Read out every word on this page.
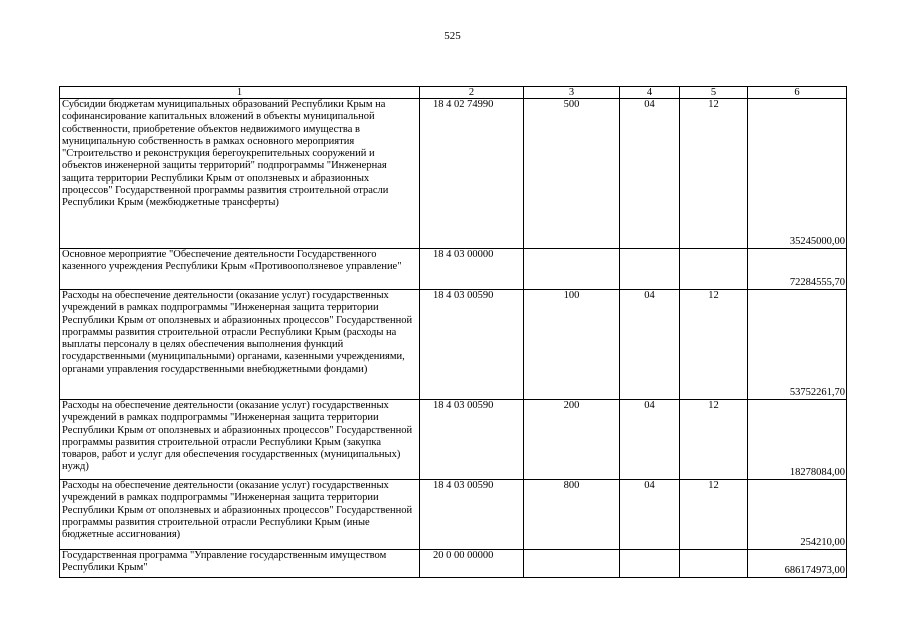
525
1	2	3	4	5	6
Субсидии бюджетам муниципальных образований Республики Крым на софинансирование капитальных вложений в объекты муниципальной собственности, приобретение объектов недвижимого имущества в муниципальную собственность в рамках основного мероприятия "Строительство и реконструкция берегоукрепительных сооружений и объектов инженерной защиты территорий" подпрограммы "Инженерная защита территории Республики Крым от оползневых и абразионных процессов" Государственной программы развития строительной отрасли Республики Крым (межбюджетные трансферты)	18 4 02 74990	500	04	12	35245000,00
Основное мероприятие "Обеспечение деятельности Государственного казенного учреждения Республики Крым «Противооползневое управление"	18 4 03 00000				72284555,70
Расходы на обеспечение деятельности (оказание услуг) государственных учреждений в рамках подпрограммы "Инженерная защита территории Республики Крым от оползневых и абразионных процессов" Государственной программы развития строительной отрасли Республики Крым (расходы на выплаты персоналу в целях обеспечения выполнения функций государственными (муниципальными) органами, казенными учреждениями, органами управления государственными внебюджетными фондами)	18 4 03 00590	100	04	12	53752261,70
Расходы на обеспечение деятельности (оказание услуг) государственных учреждений в рамках подпрограммы "Инженерная защита территории Республики Крым от оползневых и абразионных процессов" Государственной программы развития строительной отрасли Республики Крым (закупка товаров, работ и услуг для обеспечения государственных (муниципальных) нужд)	18 4 03 00590	200	04	12	18278084,00
Расходы на обеспечение деятельности (оказание услуг) государственных учреждений в рамках подпрограммы "Инженерная защита территории Республики Крым от оползневых и абразионных процессов" Государственной программы развития строительной отрасли Республики Крым (иные бюджетные ассигнования)	18 4 03 00590	800	04	12	254210,00
Государственная программа "Управление государственным имуществом Республики Крым"	20 0 00 00000				686174973,00
